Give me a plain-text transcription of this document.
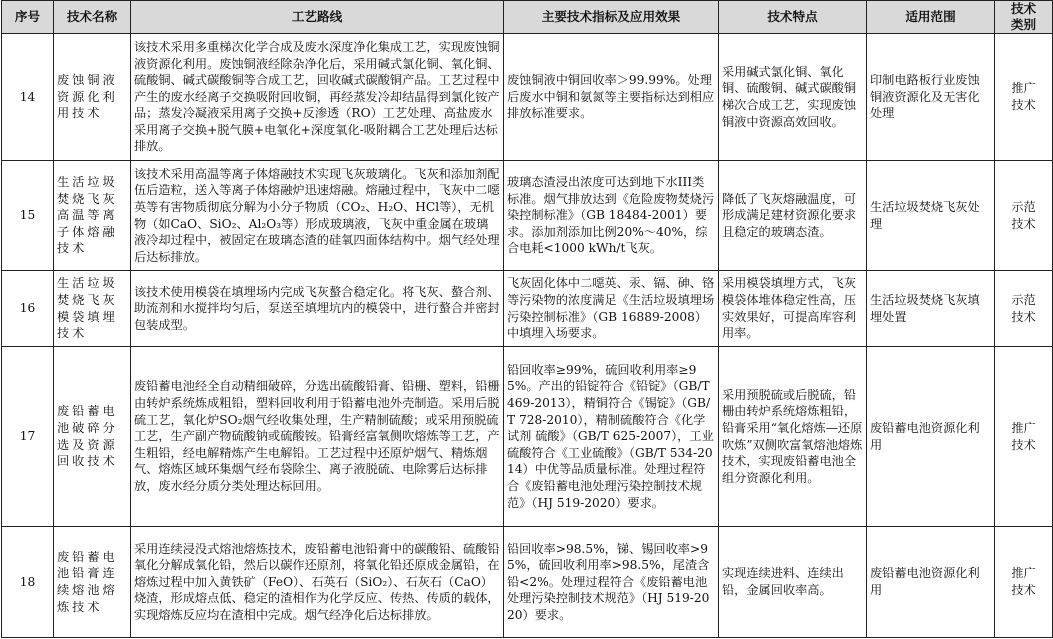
序号	技术名称	工艺路线	主要技术指标及应用效果	技术特点	适用范围	技术类别
14	废蚀铜液资源化利用技术	该技术采用多重梯次化学合成及废水深度净化集成工艺，实现废蚀铜液资源化利用。废蚀铜液经除杂净化后，采用碱式氯化铜、氧化铜、硫酸铜、碱式碳酸铜等合成工艺，回收碱式碳酸铜产品。工艺过程中产生的废水经离子交换吸附回收铜，再经蒸发冷却结晶得到氯化铵产品；蒸发冷凝液采用离子交换+反渗透（RO）工艺处理、高盐废水采用离子交换+脱气膜+电氧化+深度氧化-吸附耦合工艺处理后达标排放。	废蚀铜液中铜回收率＞99.99%。处理后废水中铜和氨氮等主要指标达到相应排放标准要求。	采用碱式氯化铜、氧化铜、硫酸铜、碱式碳酸铜梯次合成工艺，实现废蚀铜液中资源高效回收。	印制电路板行业废蚀铜液资源化及无害化处理	推广技术
15	生活垃圾焚烧飞灰高温等离子体熔融技术	该技术采用高温等离子体熔融技术实现飞灰玻璃化。飞灰和添加剂配伍后造粒，送入等离子体熔融炉迅速熔融。熔融过程中，飞灰中二噁英等有害物质彻底分解为小分子物质（CO₂、H₂O、HCl等），无机物（如CaO、SiO₂、Al₂O₃等）形成玻璃液，飞灰中重金属在玻璃液冷却过程中，被固定在玻璃态渣的硅氧四面体结构中。烟气经处理后达标排放。	玻璃态渣浸出浓度可达到地下水III类标准。烟气排放达到《危险废物焚烧污染控制标准》（GB 18484-2001）要求。添加剂添加比例20%～40%，综合电耗<1000 kWh/t飞灰。	降低了飞灰熔融温度，可形成满足建材资源化要求且稳定的玻璃态渣。	生活垃圾焚烧飞灰处理	示范技术
16	生活垃圾焚烧飞灰模袋填埋技术	该技术使用模袋在填埋场内完成飞灰螯合稳定化。将飞灰、螯合剂、助流剂和水搅拌均匀后，泵送至填埋坑内的模袋中，进行螯合并密封包装成型。	飞灰固化体中二噁英、汞、镉、砷、铬等污染物的浓度满足《生活垃圾填埋场污染控制标准》（GB 16889-2008）中填埋入场要求。	采用模袋填埋方式，飞灰模袋体堆体稳定性高，压实效果好，可提高库容利用率。	生活垃圾焚烧飞灰填埋处置	示范技术
17	废铅蓄电池破碎分选及资源回收技术	废铅蓄电池经全自动精细破碎，分选出硫酸铅膏、铅栅、塑料，铅栅由转炉系统炼成粗铅，塑料回收利用于铅蓄电池外壳制造。采用后脱硫工艺，氧化炉SO₂烟气经收集处理，生产精制硫酸；或采用预脱硫工艺，生产副产物硫酸钠或硫酸铵。铅膏经富氧侧吹熔炼等工艺，产生粗铅，经电解精炼产生电解铅。工艺过程中还原炉烟气、精炼烟气、熔炼区域环集烟气经布袋除尘、离子液脱硫、电除雾后达标排放，废水经分质分类处理达标回用。	铅回收率≥99%，硫回收利用率≥95%。产出的铅锭符合《铅锭》（GB/T 469-2013），精铜符合《锡锭》（GB/T 728-2010），精制硫酸符合《化学试剂 硫酸》（GB/T 625-2007），工业硫酸符合《工业硫酸》（GB/T 534-2014）中优等品质量标准。处理过程符合《废铅蓄电池处理污染控制技术规范》（HJ 519-2020）要求。	采用预脱硫或后脱硫，铅栅由转炉系统熔炼粗铅，铅膏采用“氧化熔炼—还原吹炼”双侧吹富氧熔池熔炼技术，实现废铅蓄电池全组分资源化利用。	废铅蓄电池资源化利用	推广技术
18	废铅蓄电池铅膏连续熔池熔炼技术	采用连续浸没式熔池熔炼技术，废铅蓄电池铅膏中的碳酸铅、硫酸铅氧化分解成氧化铅，然后以碳作还原剂，将氧化铅还原成金属铅，在熔炼过程中加入黄铁矿（FeO）、石英石（SiO₂）、石灰石（CaO）烧渣，形成熔点低、稳定的渣相作为化学反应、传热、传质的载体，实现熔炼反应均在渣相中完成。烟气经净化后达标排放。	铅回收率>98.5%，锑、锡回收率>95%，硫回收利用率>98.5%，尾渣含铅<2%。处理过程符合《废铅蓄电池处理污染控制技术规范》（HJ 519-2020）要求。	实现连续进料、连续出铅，金属回收率高。	废铅蓄电池资源化利用	推广技术
